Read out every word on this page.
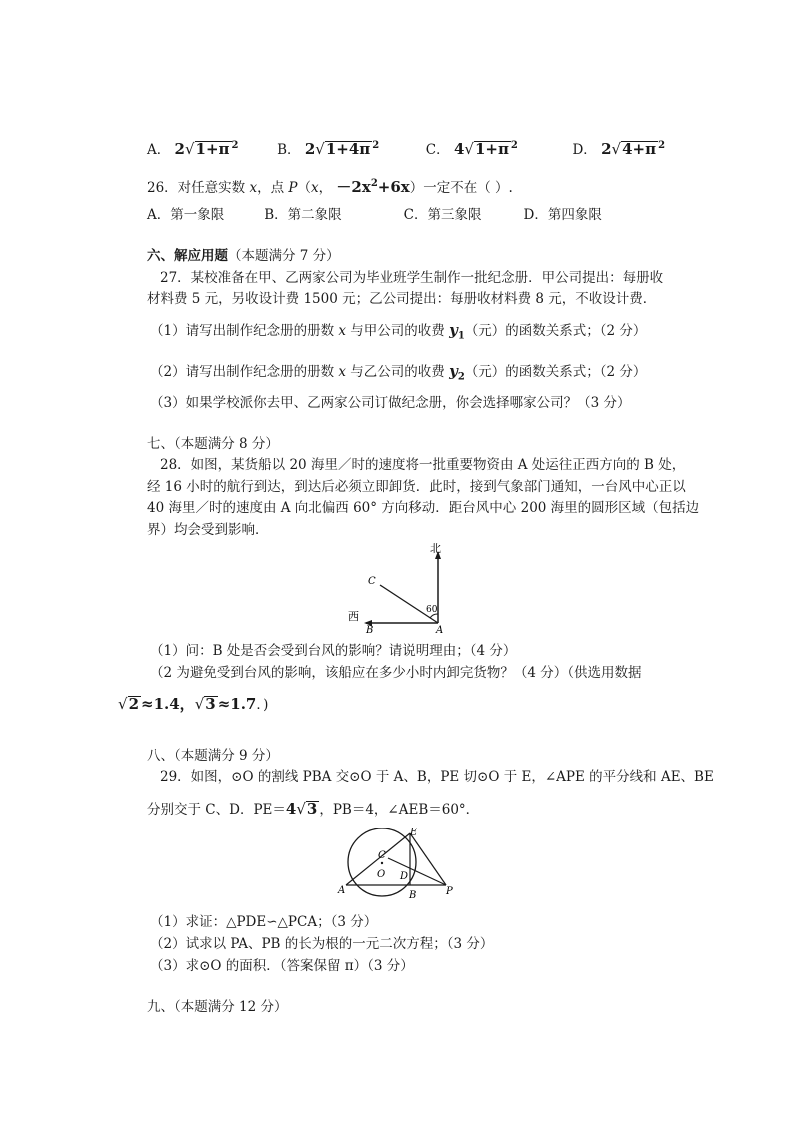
A． 2√1+π $^2$	B． 2√1+4π $^2$	C． 4√1+π $^2$	D． 2√4+π $^2$
26．对任意实数 x，点 P（x， $-2x^2+6x$）一定不在（ ）.
A．第一象限	B．第二象限	C．第三象限	D．第四象限
六、解应用题（本题满分 7 分）
27．某校准备在甲、乙两家公司为毕业班学生制作一批纪念册．甲公司提出：每册收
材料费 5 元，另收设计费 1500 元；乙公司提出：每册收材料费 8 元，不收设计费．
（1）请写出制作纪念册的册数 x 与甲公司的收费 $y_1$（元）的函数关系式；（2 分）
（2）请写出制作纪念册的册数 x 与乙公司的收费 $y_2$（元）的函数关系式；（2 分）
（3）如果学校派你去甲、乙两家公司订做纪念册，你会选择哪家公司？（3 分）
七、（本题满分 8 分）
28．如图，某货船以 20 海里／时的速度将一批重要物资由 A 处运往正西方向的 B 处，
经 16 小时的航行到达，到达后必须立即卸货．此时，接到气象部门通知，一台风中心正以
40 海里／时的速度由 A 向北偏西 60° 方向移动．距台风中心 200 海里的圆形区域（包括边
界）均会受到影响．
北
西
C
B	A
60
（1）问：B 处是否会受到台风的影响？请说明理由；（4 分）
（2 为避免受到台风的影响，该船应在多少小时内卸完货物？（4 分）（供选用数据
√2 ≈1.4，√3 ≈1.7．)
八、（本题满分 9 分）
29．如图，⊙O 的割线 PBA 交⊙O 于 A、B，PE 切⊙O 于 E，∠APE 的平分线和 AE、BE
分别交于 C、D．PE＝4√3 ，PB＝4，∠AEB＝60°．
E
C
O D
A	B	P
（1）求证：△PDE∽△PCA；（3 分）
（2）试求以 PA、PB 的长为根的一元二次方程；（3 分）
（3）求⊙O 的面积．（答案保留 π）（3 分）
九、（本题满分 12 分）
